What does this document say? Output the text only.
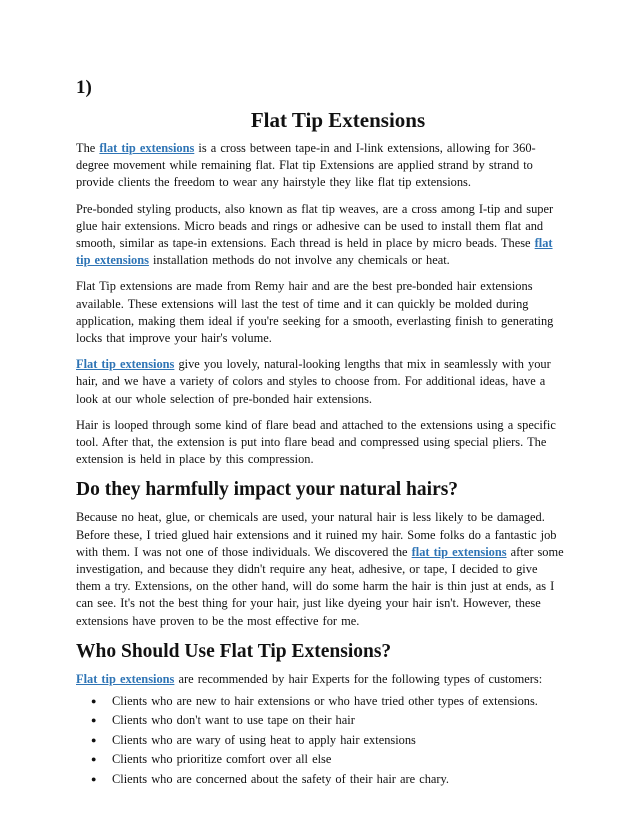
1)
Flat Tip Extensions

The flat tip extensions is a cross between tape-in and I-link extensions, allowing for 360-degree movement while remaining flat. Flat tip Extensions are applied strand by strand to provide clients the freedom to wear any hairstyle they like flat tip extensions.

Pre-bonded styling products, also known as flat tip weaves, are a cross among I-tip and super glue hair extensions. Micro beads and rings or adhesive can be used to install them flat and smooth, similar as tape-in extensions. Each thread is held in place by micro beads. These flat tip extensions installation methods do not involve any chemicals or heat.

Flat Tip extensions are made from Remy hair and are the best pre-bonded hair extensions available. These extensions will last the test of time and it can quickly be molded during application, making them ideal if you're seeking for a smooth, everlasting finish to generating locks that improve your hair's volume.

Flat tip extensions give you lovely, natural-looking lengths that mix in seamlessly with your hair, and we have a variety of colors and styles to choose from. For additional ideas, have a look at our whole selection of pre-bonded hair extensions.

Hair is looped through some kind of flare bead and attached to the extensions using a specific tool. After that, the extension is put into flare bead and compressed using special pliers. The extension is held in place by this compression.

Do they harmfully impact your natural hairs?

Because no heat, glue, or chemicals are used, your natural hair is less likely to be damaged. Before these, I tried glued hair extensions and it ruined my hair. Some folks do a fantastic job with them. I was not one of those individuals. We discovered the flat tip extensions after some investigation, and because they didn't require any heat, adhesive, or tape, I decided to give them a try. Extensions, on the other hand, will do some harm the hair is thin just at ends, as I can see. It's not the best thing for your hair, just like dyeing your hair isn't. However, these extensions have proven to be the most effective for me.

Who Should Use Flat Tip Extensions?

Flat tip extensions are recommended by hair Experts for the following types of customers:

● Clients who are new to hair extensions or who have tried other types of extensions.
● Clients who don't want to use tape on their hair
● Clients who are wary of using heat to apply hair extensions
● Clients who prioritize comfort over all else
● Clients who are concerned about the safety of their hair are chary.
